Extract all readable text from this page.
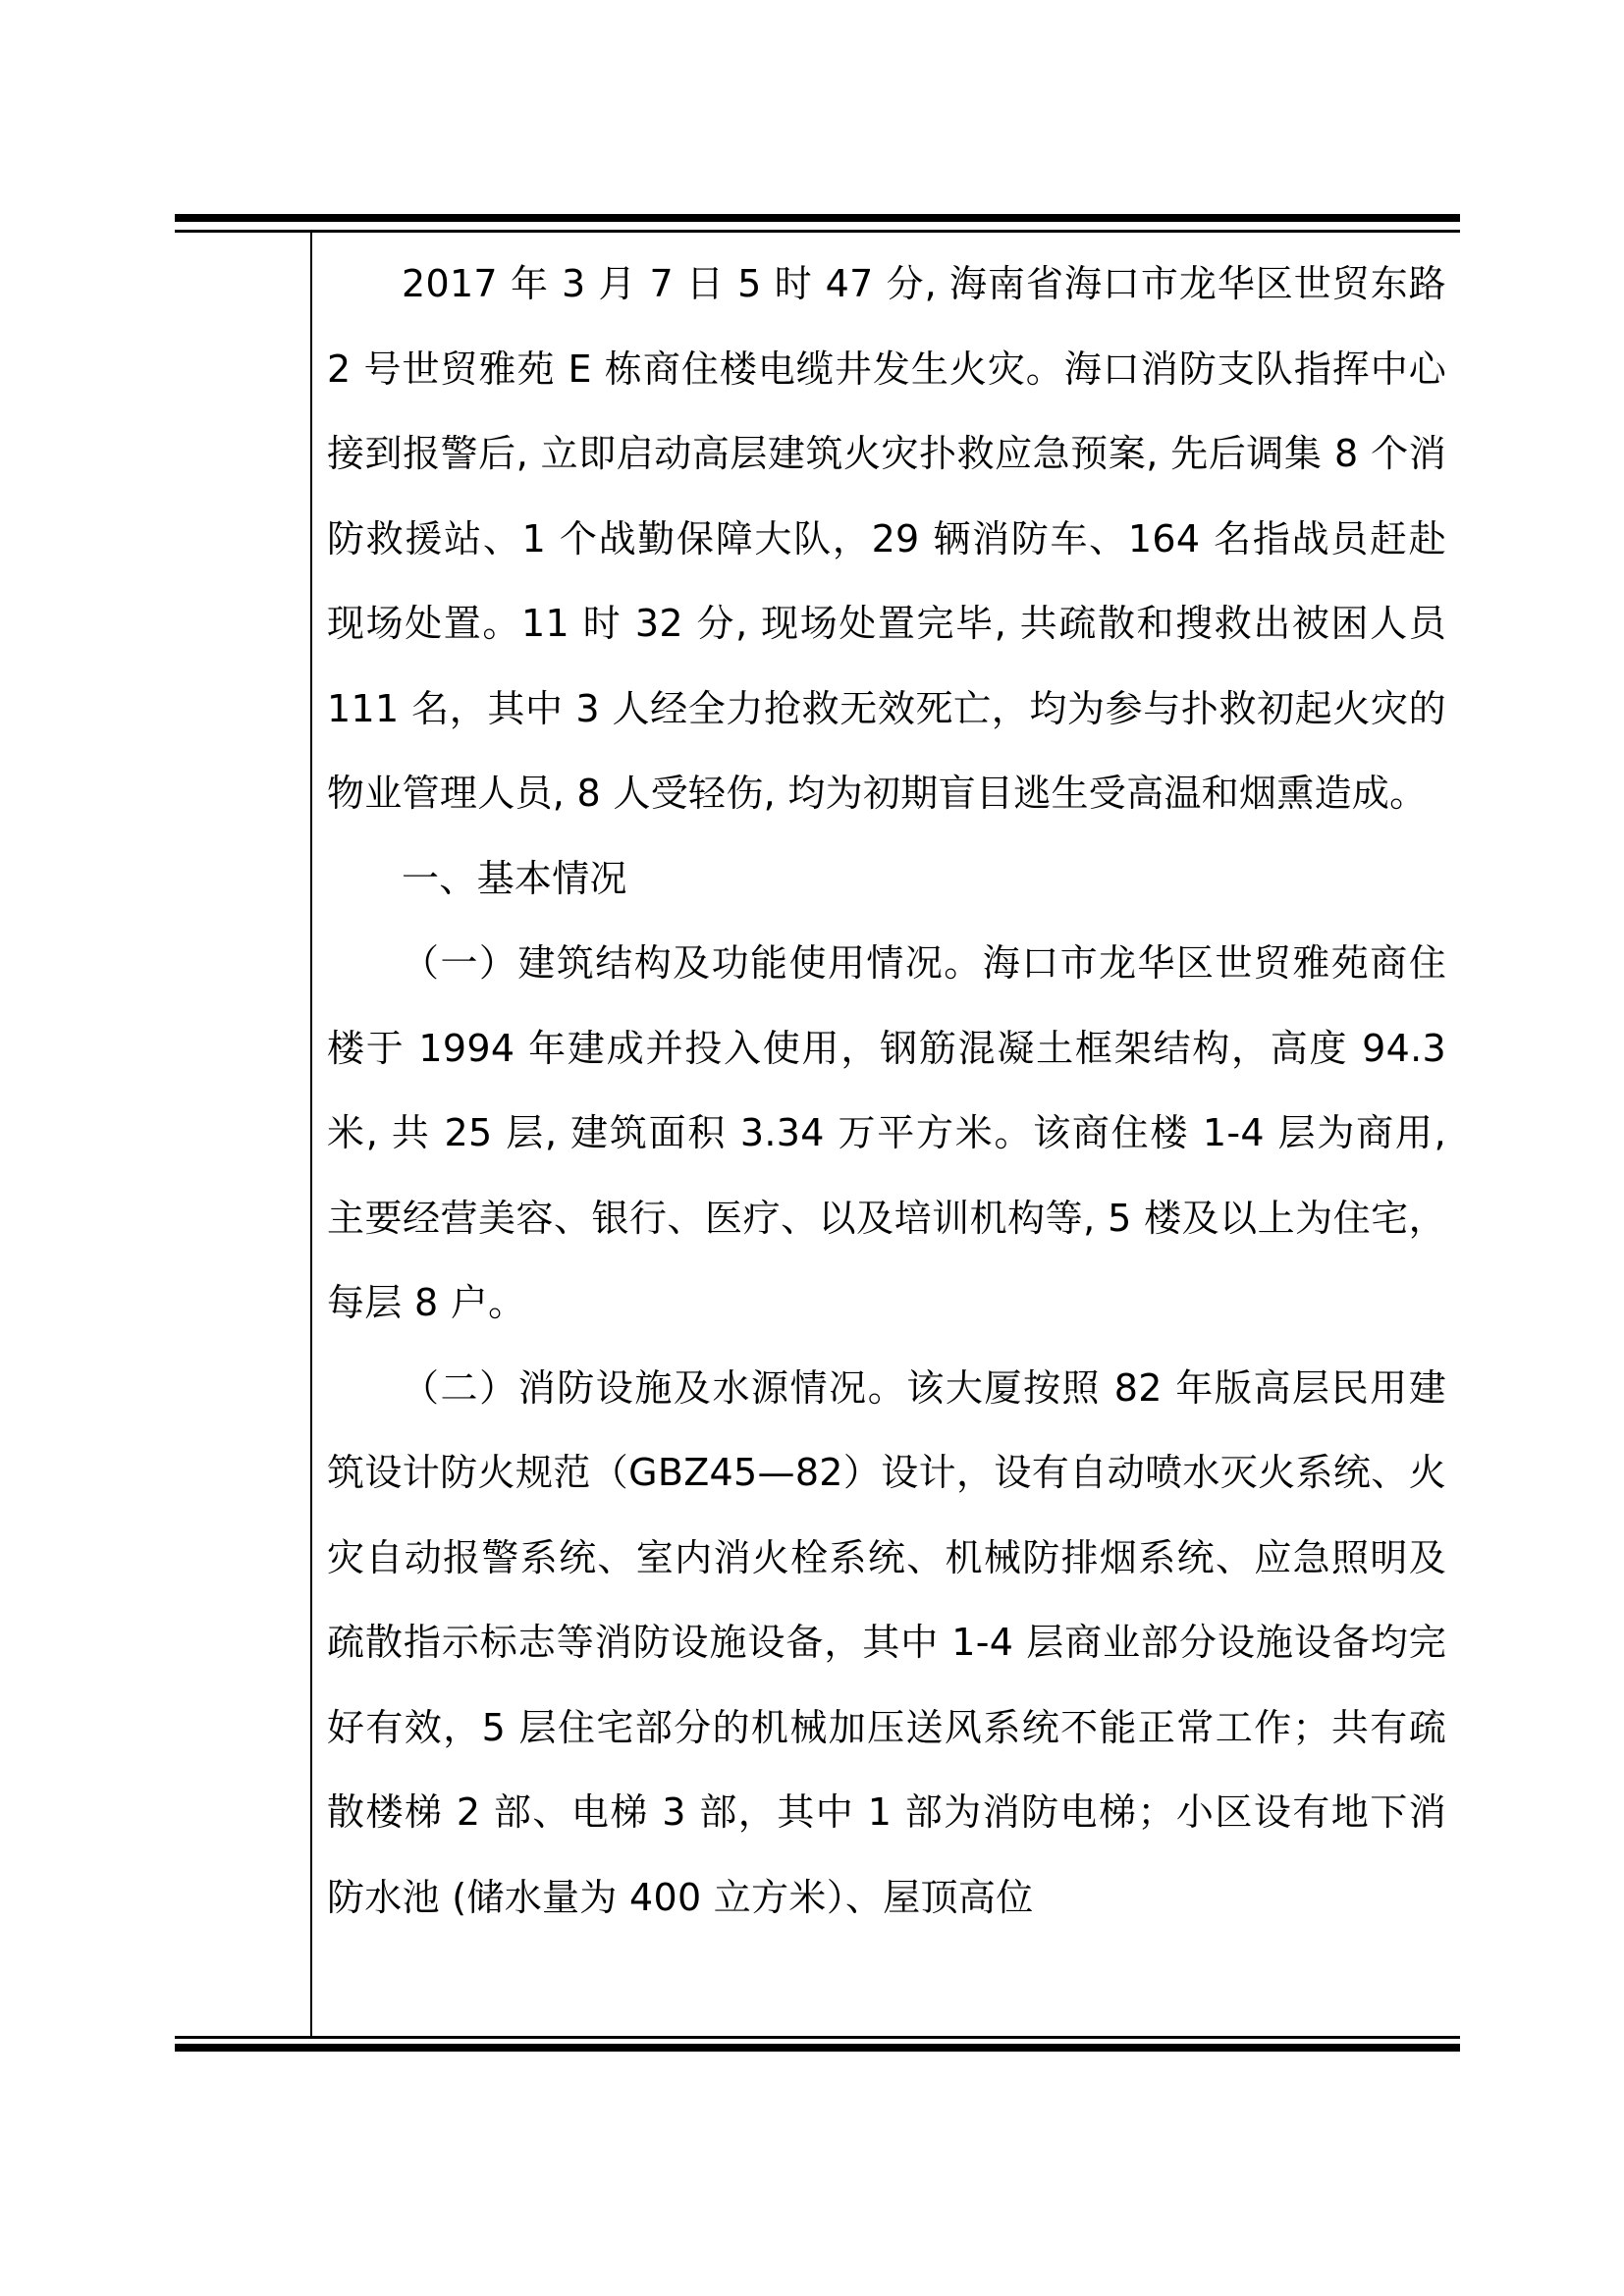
2017 年 3 月 7 日 5 时 47 分, 海南省海口市龙华区世贸东路 2 号世贸雅苑 E 栋商住楼电缆井发生火灾。海口消防支队指挥中心接到报警后, 立即启动高层建筑火灾扑救应急预案, 先后调集 8 个消防救援站、1 个战勤保障大队，29 辆消防车、164 名指战员赶赴现场处置。11 时 32 分, 现场处置完毕, 共疏散和搜救出被困人员 111 名，其中 3 人经全力抢救无效死亡，均为参与扑救初起火灾的物业管理人员, 8 人受轻伤, 均为初期盲目逃生受高温和烟熏造成。

一、基本情况

（一）建筑结构及功能使用情况。海口市龙华区世贸雅苑商住楼于 1994 年建成并投入使用，钢筋混凝土框架结构，高度 94.3 米, 共 25 层, 建筑面积 3.34 万平方米。该商住楼 1-4 层为商用, 主要经营美容、银行、医疗、以及培训机构等, 5 楼及以上为住宅，每层 8 户。

（二）消防设施及水源情况。该大厦按照 82 年版高层民用建筑设计防火规范（GBZ45—82）设计，设有自动喷水灭火系统、火灾自动报警系统、室内消火栓系统、机械防排烟系统、应急照明及疏散指示标志等消防设施设备，其中 1-4 层商业部分设施设备均完好有效，5 层住宅部分的机械加压送风系统不能正常工作；共有疏散楼梯 2 部、电梯 3 部，其中 1 部为消防电梯；小区设有地下消防水池 (储水量为 400 立方米）、屋顶高位
